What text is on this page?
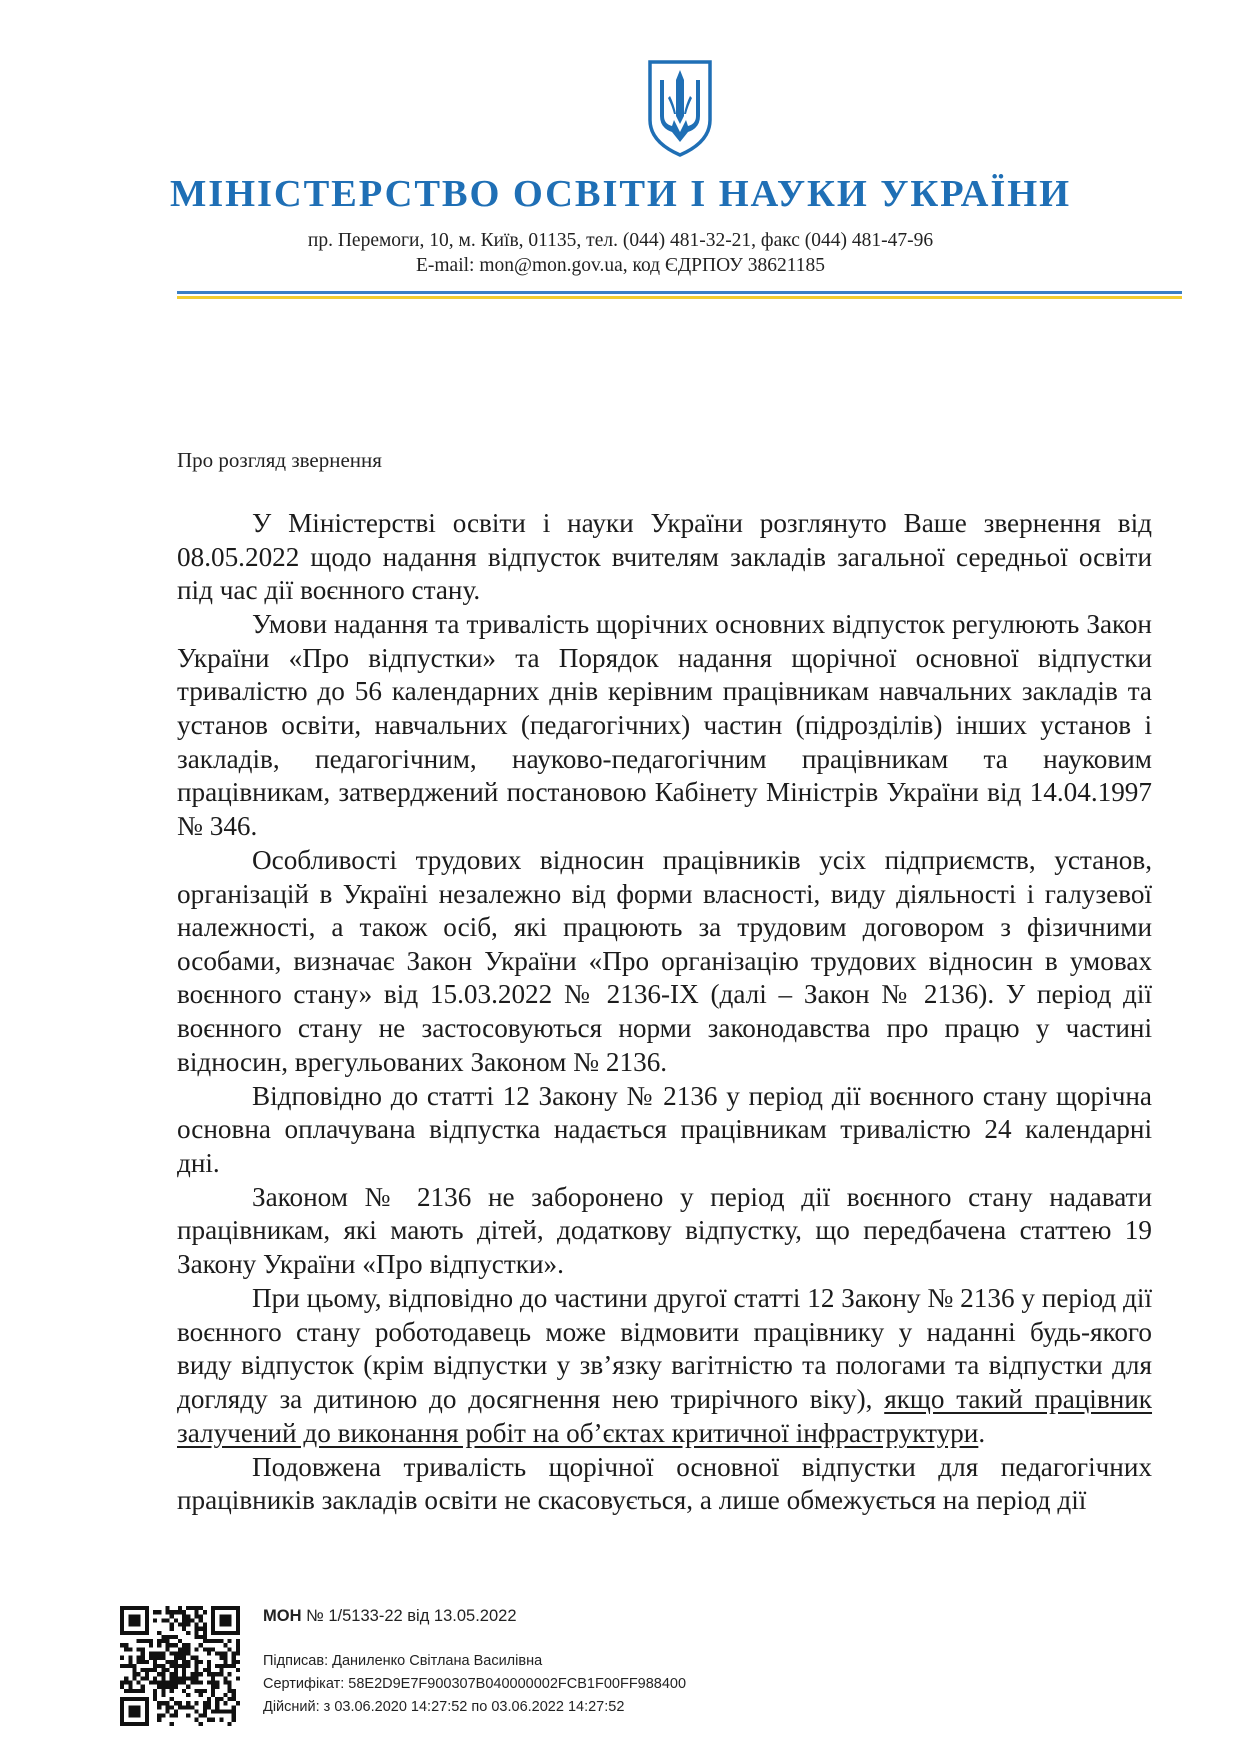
МІНІСТЕРСТВО ОСВІТИ І НАУКИ УКРАЇНИ
пр. Перемоги, 10, м. Київ, 01135, тел. (044) 481-32-21, факс (044) 481-47-96
E-mail: mon@mon.gov.ua, код ЄДРПОУ 38621185
Про розгляд звернення

У Міністерстві освіти і науки України розглянуто Ваше звернення від 08.05.2022 щодо надання відпусток вчителям закладів загальної середньої освіти під час дії воєнного стану.

Умови надання та тривалість щорічних основних відпусток регулюють Закон України «Про відпустки» та Порядок надання щорічної основної відпустки тривалістю до 56 календарних днів керівним працівникам навчальних закладів та установ освіти, навчальних (педагогічних) частин (підрозділів) інших установ і закладів, педагогічним, науково-педагогічним працівникам та науковим працівникам, затверджений постановою Кабінету Міністрів України від 14.04.1997 № 346.

Особливості трудових відносин працівників усіх підприємств, установ, організацій в Україні незалежно від форми власності, виду діяльності і галузевої належності, а також осіб, які працюють за трудовим договором з фізичними особами, визначає Закон України «Про організацію трудових відносин в умовах воєнного стану» від 15.03.2022 № 2136-IX (далі – Закон № 2136). У період дії воєнного стану не застосовуються норми законодавства про працю у частині відносин, врегульованих Законом № 2136.

Відповідно до статті 12 Закону № 2136 у період дії воєнного стану щорічна основна оплачувана відпустка надається працівникам тривалістю 24 календарні дні.

Законом № 2136 не заборонено у період дії воєнного стану надавати працівникам, які мають дітей, додаткову відпустку, що передбачена статтею 19 Закону України «Про відпустки».

При цьому, відповідно до частини другої статті 12 Закону № 2136 у період дії воєнного стану роботодавець може відмовити працівнику у наданні будь-якого виду відпусток (крім відпустки у зв’язку вагітністю та пологами та відпустки для догляду за дитиною до досягнення нею трирічного віку), якщо такий працівник залучений до виконання робіт на об’єктах критичної інфраструктури.

Подовжена тривалість щорічної основної відпустки для педагогічних працівників закладів освіти не скасовується, а лише обмежується на період дії

МОН № 1/5133-22 від 13.05.2022
Підписав: Даниленко Світлана Василівна
Сертифікат: 58E2D9E7F900307B040000002FCB1F00FF988400
Дійсний: з 03.06.2020 14:27:52 по 03.06.2022 14:27:52
